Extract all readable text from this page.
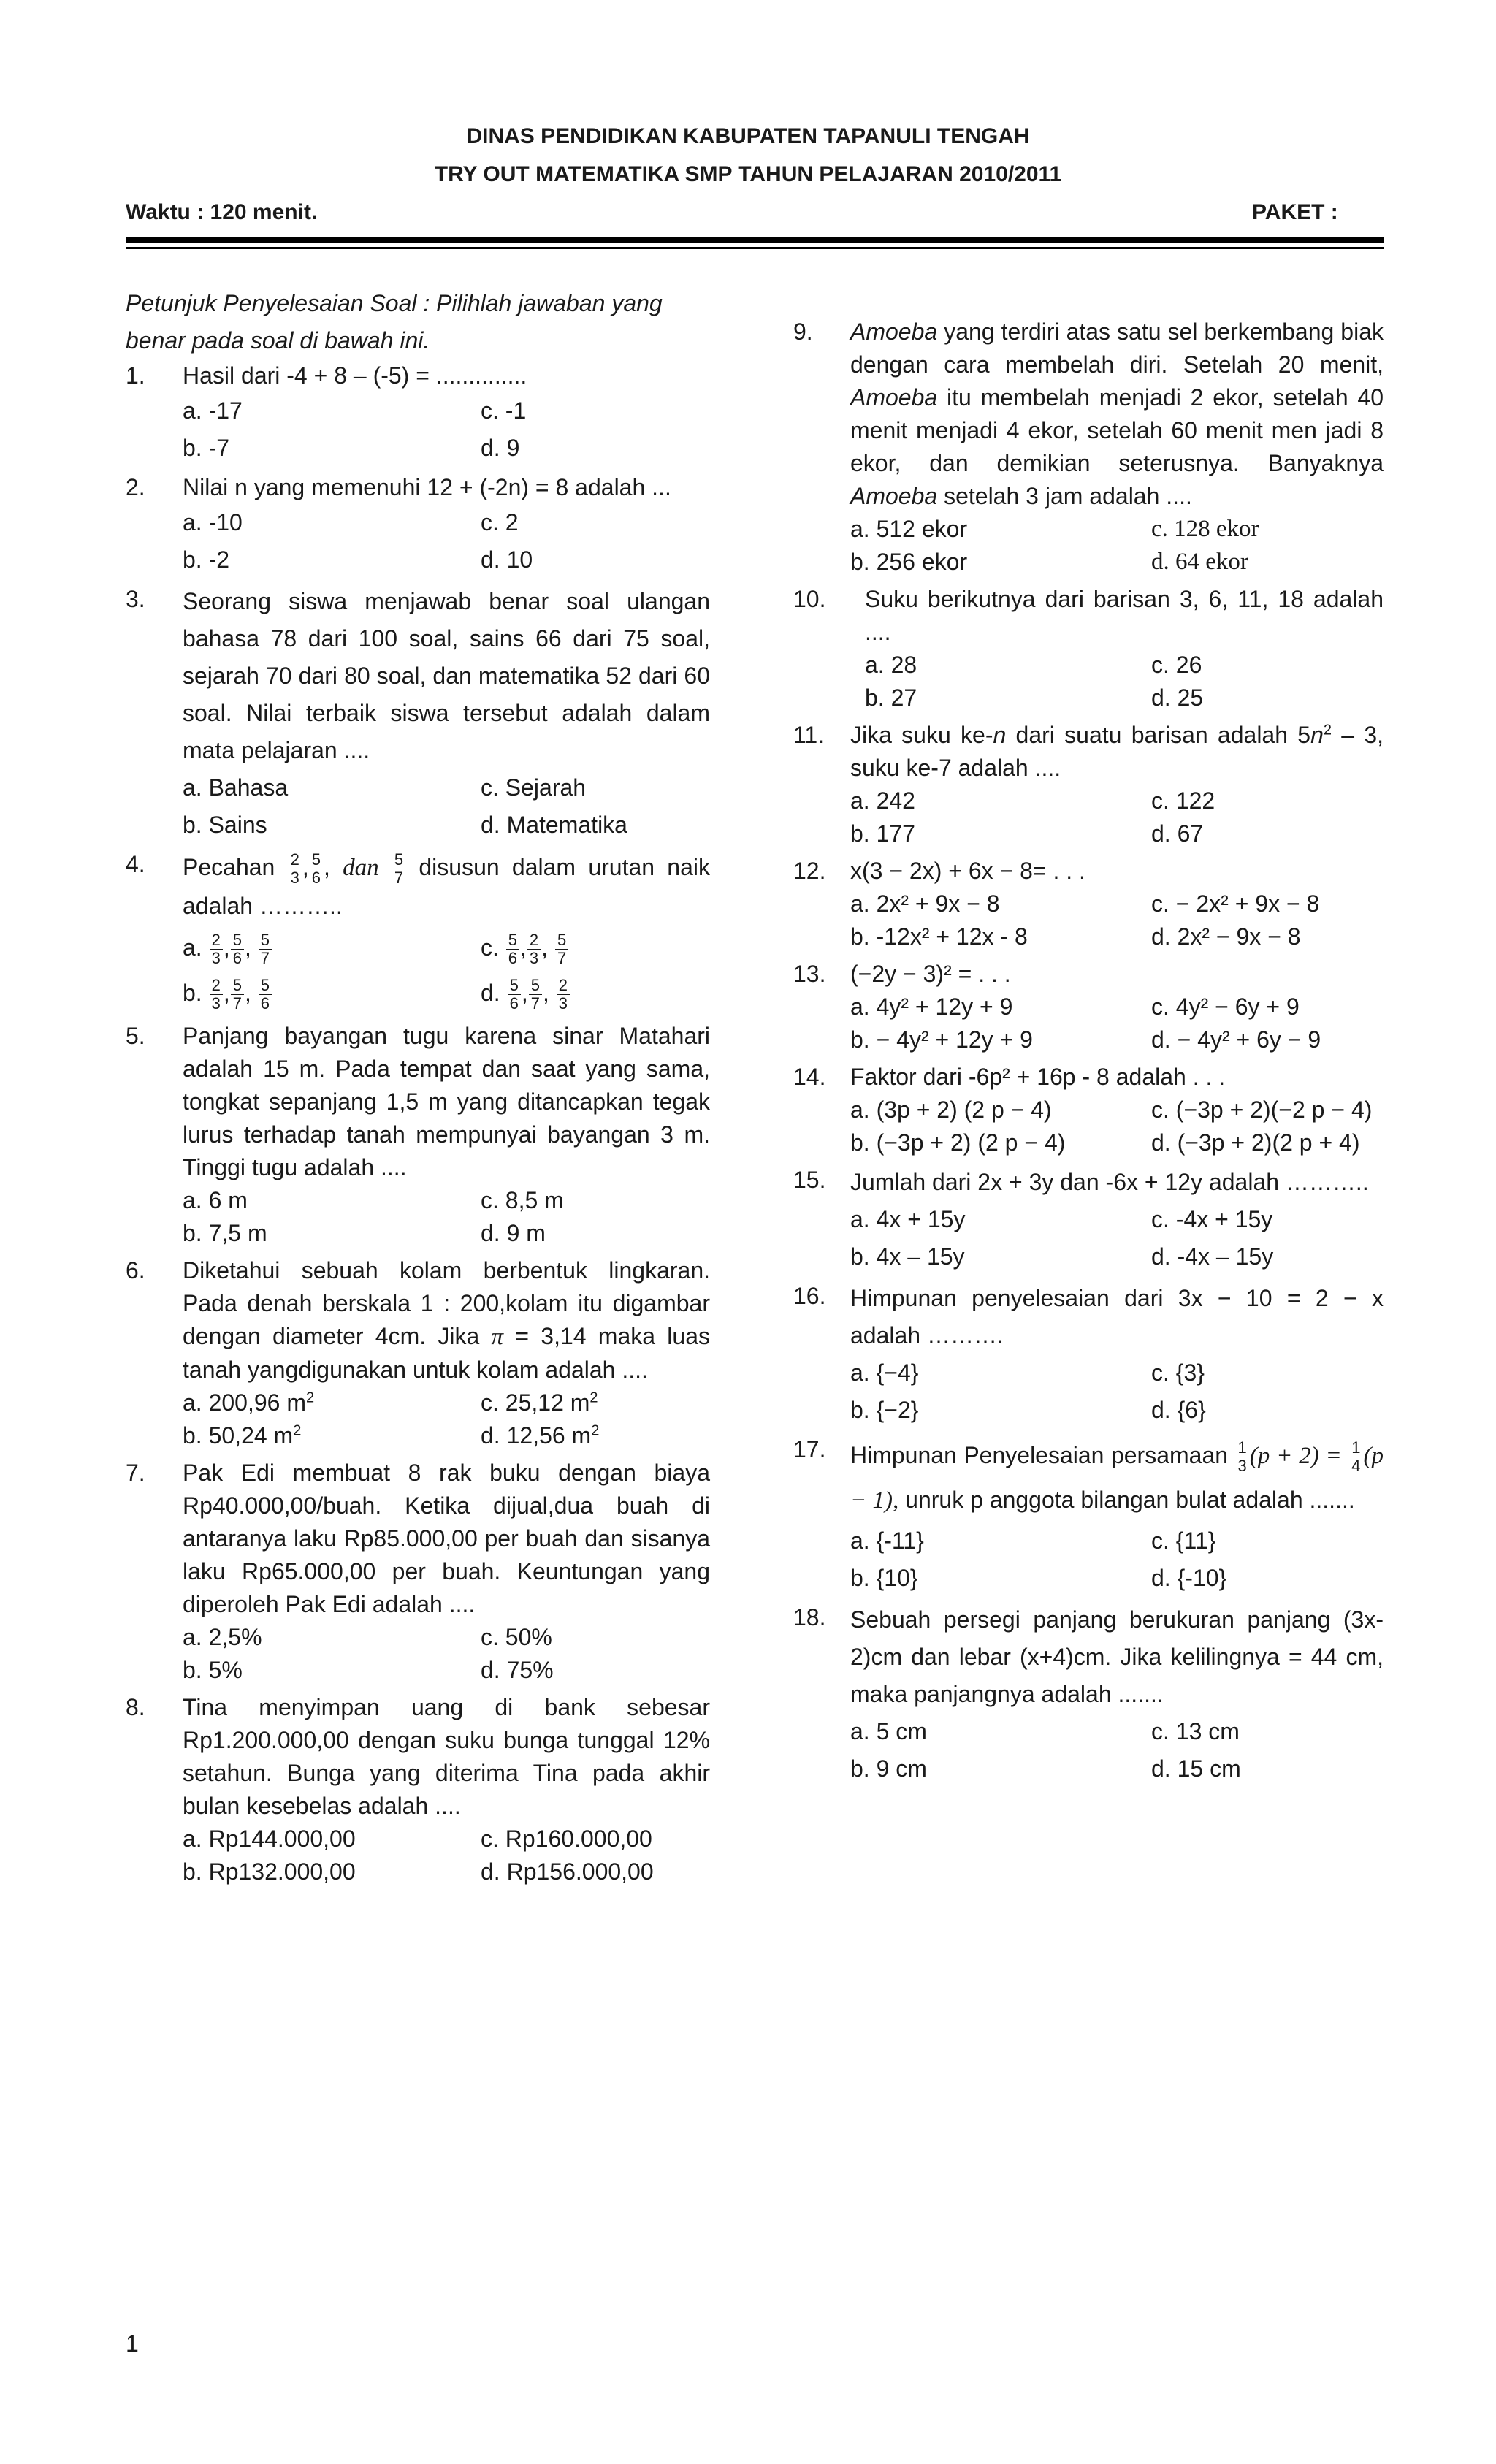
DINAS PENDIDIKAN KABUPATEN TAPANULI TENGAH
TRY OUT MATEMATIKA SMP TAHUN PELAJARAN 2010/2011
Waktu : 120 menit.	PAKET :
Petunjuk Penyelesaian Soal : Pilihlah jawaban yang benar pada soal di bawah ini.
1. Hasil dari -4 + 8 – (-5) = ..............
a. -17	c. -1
b. -7	d. 9
2. Nilai n yang memenuhi 12 + (-2n) = 8 adalah ...
a. -10	c. 2
b. -2	d. 10
3. Seorang siswa menjawab benar soal ulangan bahasa 78 dari 100 soal, sains 66 dari 75 soal, sejarah 70 dari 80 soal, dan matematika 52 dari 60 soal. Nilai terbaik siswa tersebut adalah dalam mata pelajaran ....
a. Bahasa	c. Sejarah
b. Sains	d. Matematika
4. Pecahan $\frac{2}{3}$ , $\frac{5}{6}$ , dan $\frac{5}{7}$ disusun dalam urutan naik adalah ………..
a. $\frac{2}{3}$ , $\frac{5}{6}$ , $\frac{5}{7}$	c. $\frac{5}{6}$ , $\frac{2}{3}$ , $\frac{5}{7}$
b. $\frac{2}{3}$ , $\frac{5}{7}$ , $\frac{5}{6}$	d. $\frac{5}{6}$ , $\frac{5}{7}$ , $\frac{2}{3}$
5. Panjang bayangan tugu karena sinar Matahari adalah 15 m. Pada tempat dan saat yang sama, tongkat sepanjang 1,5 m yang ditancapkan tegak lurus terhadap tanah mempunyai bayangan 3 m. Tinggi tugu adalah ....
a. 6 m	c. 8,5 m
b. 7,5 m	d. 9 m
6. Diketahui sebuah kolam berbentuk lingkaran. Pada denah berskala 1 : 200,kolam itu digambar dengan diameter 4cm. Jika π = 3,14 maka luas tanah yangdigunakan untuk kolam adalah ....
a. 200,96 $m^2$	c. 25,12 $m^2$
b. 50,24 $m^2$	d. 12,56 $m^2$
7. Pak Edi membuat 8 rak buku dengan biaya Rp40.000,00/buah. Ketika dijual,dua buah di antaranya laku Rp85.000,00 per buah dan sisanya laku Rp65.000,00 per buah. Keuntungan yang diperoleh Pak Edi adalah ....
a. 2,5%	c. 50%
b. 5%	d. 75%
8. Tina menyimpan uang di bank sebesar Rp1.200.000,00 dengan suku bunga tunggal 12% setahun. Bunga yang diterima Tina pada akhir bulan kesebelas adalah ....
a. Rp144.000,00	c. Rp160.000,00
b. Rp132.000,00	d. Rp156.000,00
9. Amoeba yang terdiri atas satu sel berkembang biak dengan cara membelah diri. Setelah 20 menit, Amoeba itu membelah menjadi 2 ekor, setelah 40 menit menjadi 4 ekor, setelah 60 menit men jadi 8 ekor, dan demikian seterusnya. Banyaknya Amoeba setelah 3 jam adalah ....
a. 512 ekor	c. 128 ekor
b. 256 ekor	d. 64 ekor
10.	Suku berikutnya dari barisan 3, 6, 11, 18 adalah ....
a. 28	c. 26
b. 27	d. 25
11. Jika suku ke-n dari suatu barisan adalah $5n^2 - 3$, suku ke-7 adalah ....
a. 242	c. 122
b. 177	d. 67
12. x(3 − 2x) + 6x − 8= . . .
a. 2x² + 9x − 8	c. − 2x² + 9x − 8
b. -12x² + 12x - 8	d. 2x² − 9x − 8
13. (−2y − 3)² = . . .
a. 4y² + 12y + 9	c. 4y² − 6y + 9
b. − 4y² + 12y + 9	d. − 4y² + 6y − 9
14. Faktor dari -6p² + 16p - 8 adalah . . .
a. (3p + 2) (2 p − 4)	c. (−3p + 2)(−2 p − 4)
b. (−3p + 2) (2 p − 4)	d. (−3p + 2)(2 p + 4)
15. Jumlah dari 2x + 3y dan -6x + 12y adalah ………..
a. 4x + 15y	c. -4x + 15y
b. 4x – 15y	d. -4x – 15y
16. Himpunan penyelesaian dari 3x − 10 = 2 − x adalah ……….
a. {−4}	c. {3}
b. {−2}	d. {6}
17. Himpunan Penyelesaian persamaan $\frac{1}{3} (p + 2) = \frac{1}{4} (p - 1)$, unruk p anggota bilangan bulat adalah .......
a. {-11}	c. {11}
b. {10}	d. {-10}
18. Sebuah persegi panjang berukuran panjang (3x-2)cm dan lebar (x+4)cm. Jika kelilingnya = 44 cm, maka panjangnya adalah .......
a. 5 cm	c. 13 cm
b. 9 cm	d. 15 cm
1
